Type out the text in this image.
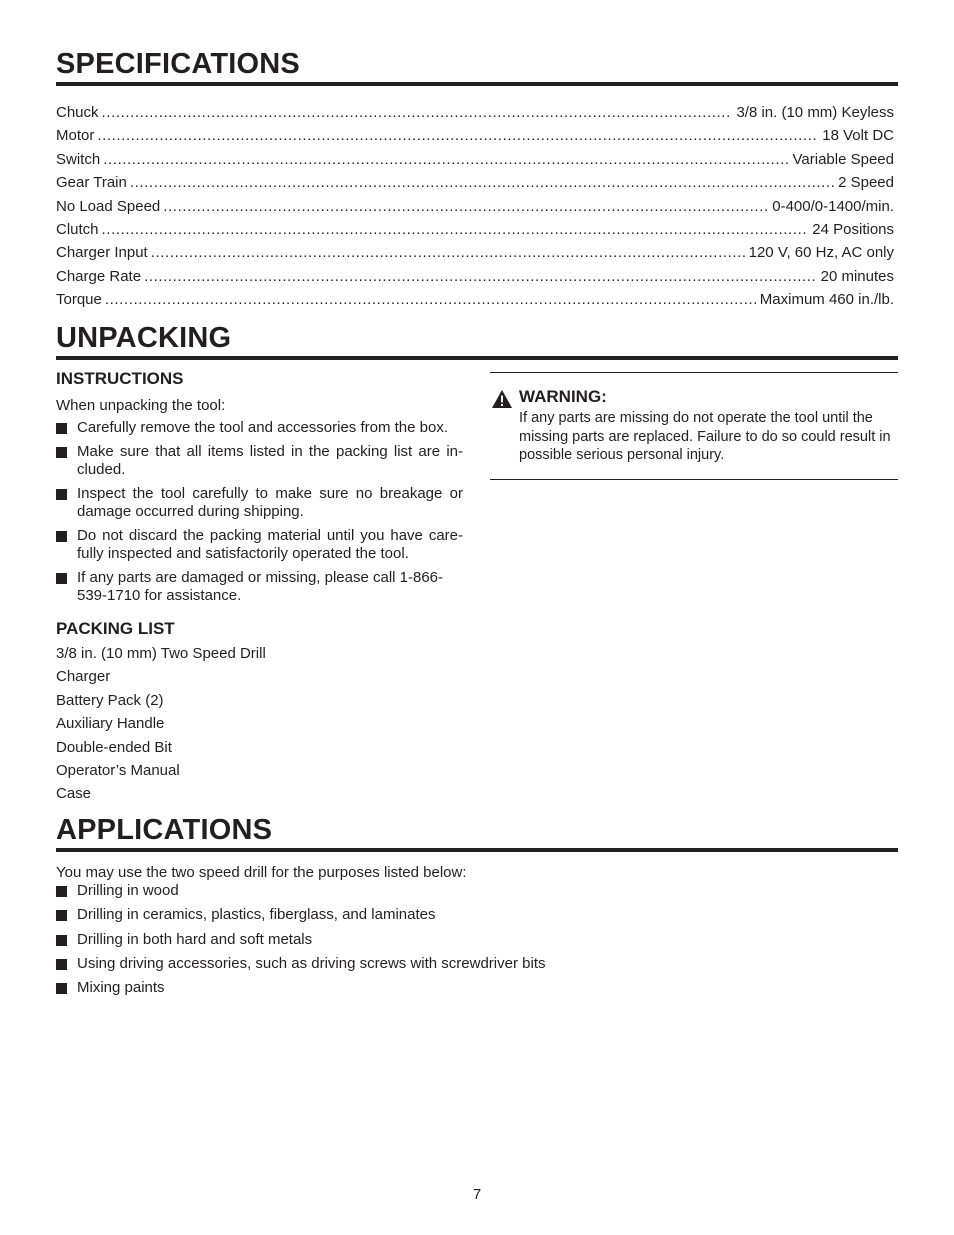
SPECIFICATIONS
Chuck .....	3/8 in. (10 mm) Keyless
Motor .....	18 Volt DC
Switch .....	Variable Speed
Gear Train .....	2 Speed
No Load Speed .....	0-400/0-1400/min.
Clutch .....	24 Positions
Charger Input .....	120 V, 60 Hz, AC only
Charge Rate .....	20 minutes
Torque .....	Maximum 460 in./lb.
UNPACKING
INSTRUCTIONS

When unpacking the tool:

Carefully remove the tool and accessories from the box.
Make sure that all items listed in the packing list are in-cluded.
Inspect the tool carefully to make sure no breakage or damage occurred during shipping.
Do not discard the packing material until you have care-fully inspected and satisfactorily operated the tool.
If any parts are damaged or missing, please call 1-866-539-1710 for assistance.
WARNING:
If any parts are missing do not operate the tool until the missing parts are replaced. Failure to do so could result in possible serious personal injury.
PACKING LIST
3/8 in. (10 mm) Two Speed Drill
Charger
Battery Pack (2)
Auxiliary Handle
Double-ended Bit
Operator’s Manual
Case
APPLICATIONS

You may use the two speed drill for the purposes listed below:

Drilling in wood
Drilling in ceramics, plastics, fiberglass, and laminates
Drilling in both hard and soft metals
Using driving accessories, such as driving screws with screwdriver bits
Mixing paints
7
